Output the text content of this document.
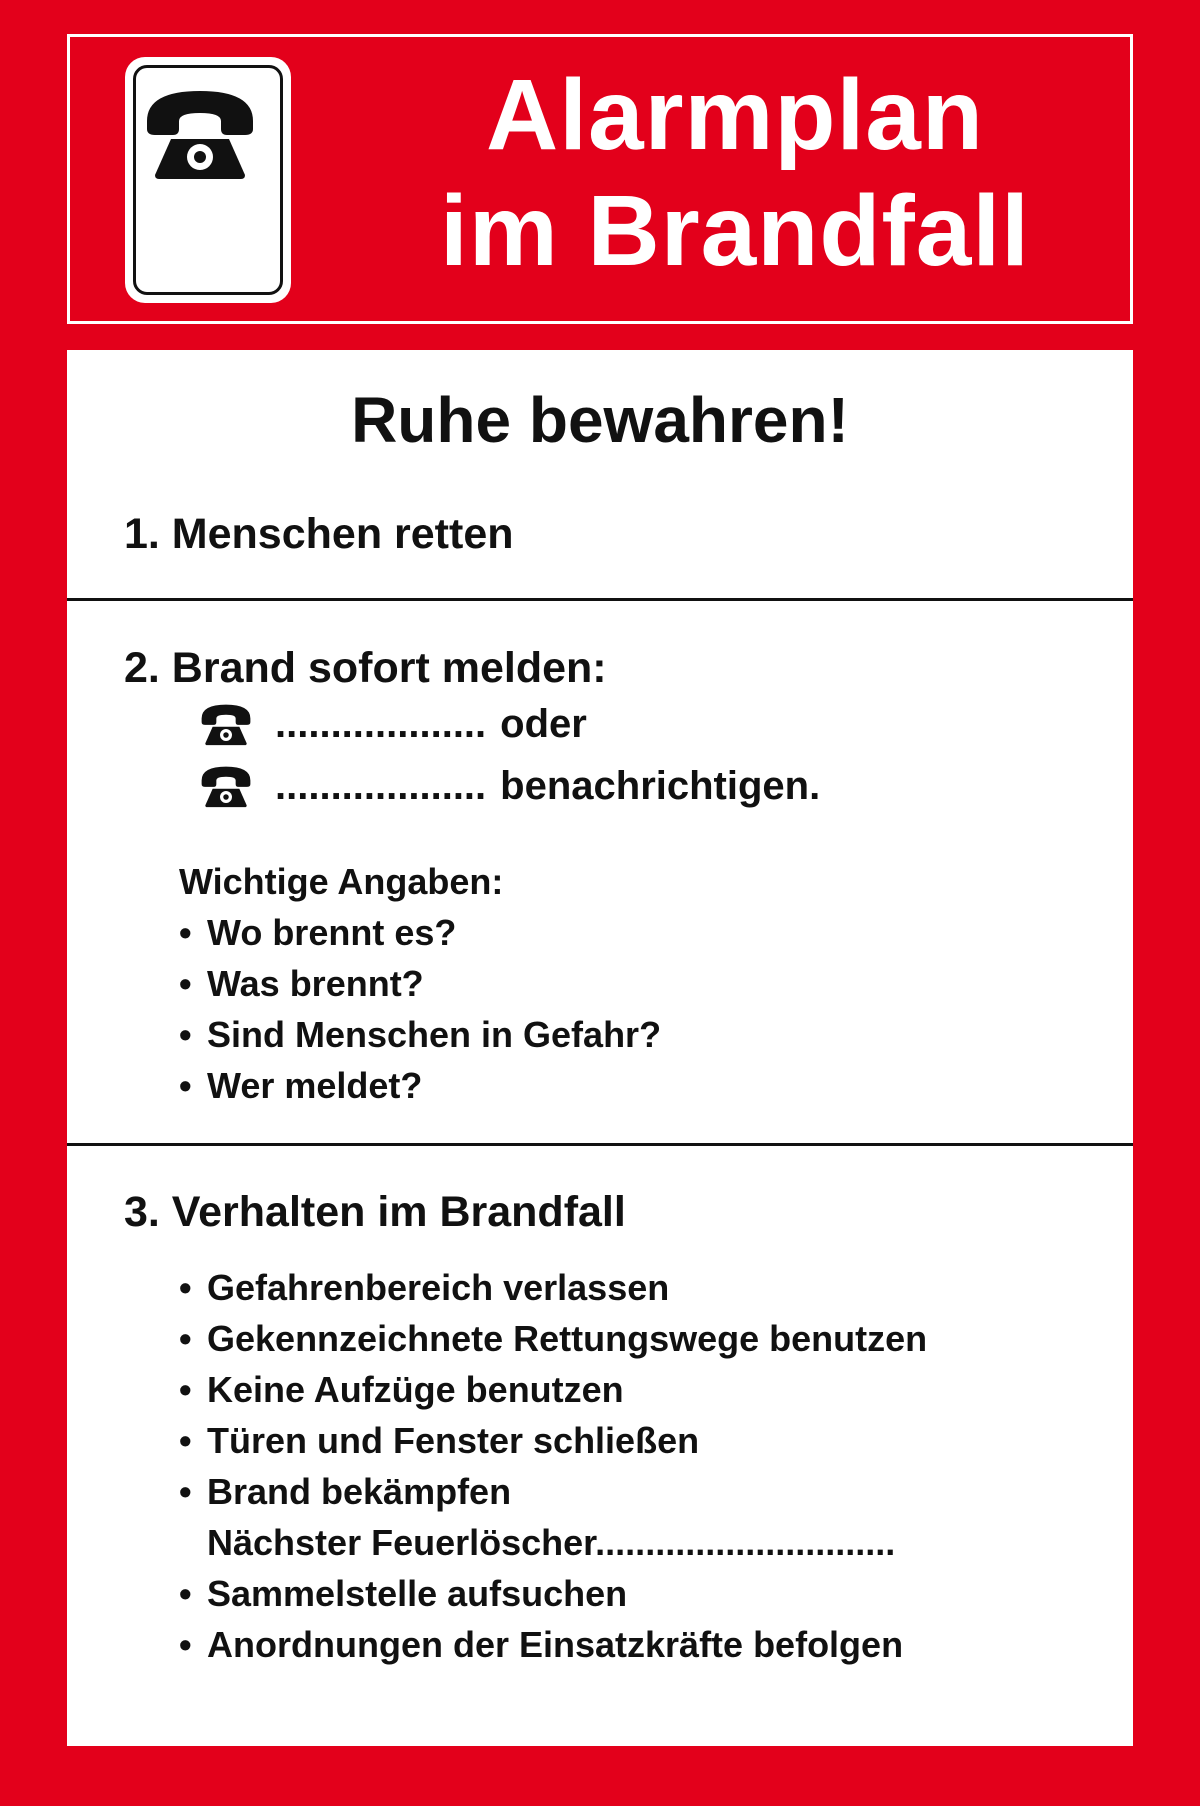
Alarmplan
im Brandfall
Ruhe bewahren!
1. Menschen retten
2. Brand sofort melden:
................... oder
................... benachrichtigen.
Wichtige Angaben:
• Wo brennt es?
• Was brennt?
• Sind Menschen in Gefahr?
• Wer meldet?
3. Verhalten im Brandfall
• Gefahrenbereich verlassen
• Gekennzeichnete Rettungswege benutzen
• Keine Aufzüge benutzen
• Türen und Fenster schließen
• Brand bekämpfen
Nächster Feuerlöscher..............................
• Sammelstelle aufsuchen
• Anordnungen der Einsatzkräfte befolgen
